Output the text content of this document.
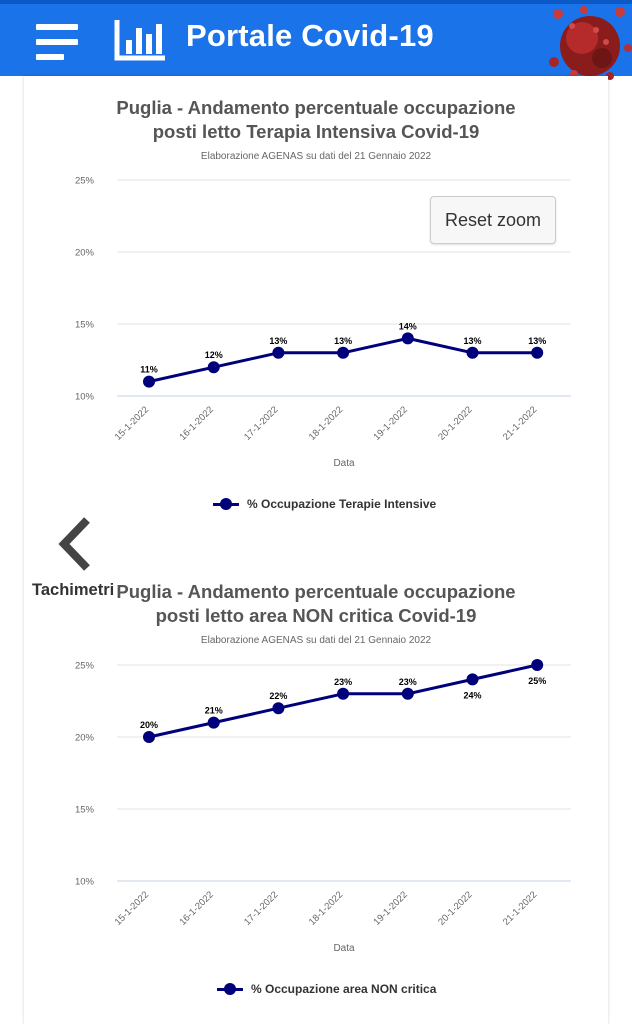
Portale Covid-19
Puglia - Andamento percentuale occupazione
posti letto Terapia Intensiva Covid-19
Elaborazione AGENAS su dati del 21 Gennaio 2022
10%
15%
20%
25%
15-1-2022	16-1-2022	17-1-2022	18-1-2022	19-1-2022	20-1-2022	21-1-2022
Data
11%
12%
13%	13%
14%
13%	13%
% Occupazione Terapie Intensive
Reset zoom
Tachimetri Puglia - Andamento percentuale occupazione
posti letto area NON critica Covid-19
Elaborazione AGENAS su dati del 21 Gennaio 2022
10%
15%
20%
25%
15-1-2022	16-1-2022	17-1-2022	18-1-2022	19-1-2022	20-1-2022	21-1-2022
Data
20%
21%
22%
23%	23%
24%
25%
% Occupazione area NON critica
